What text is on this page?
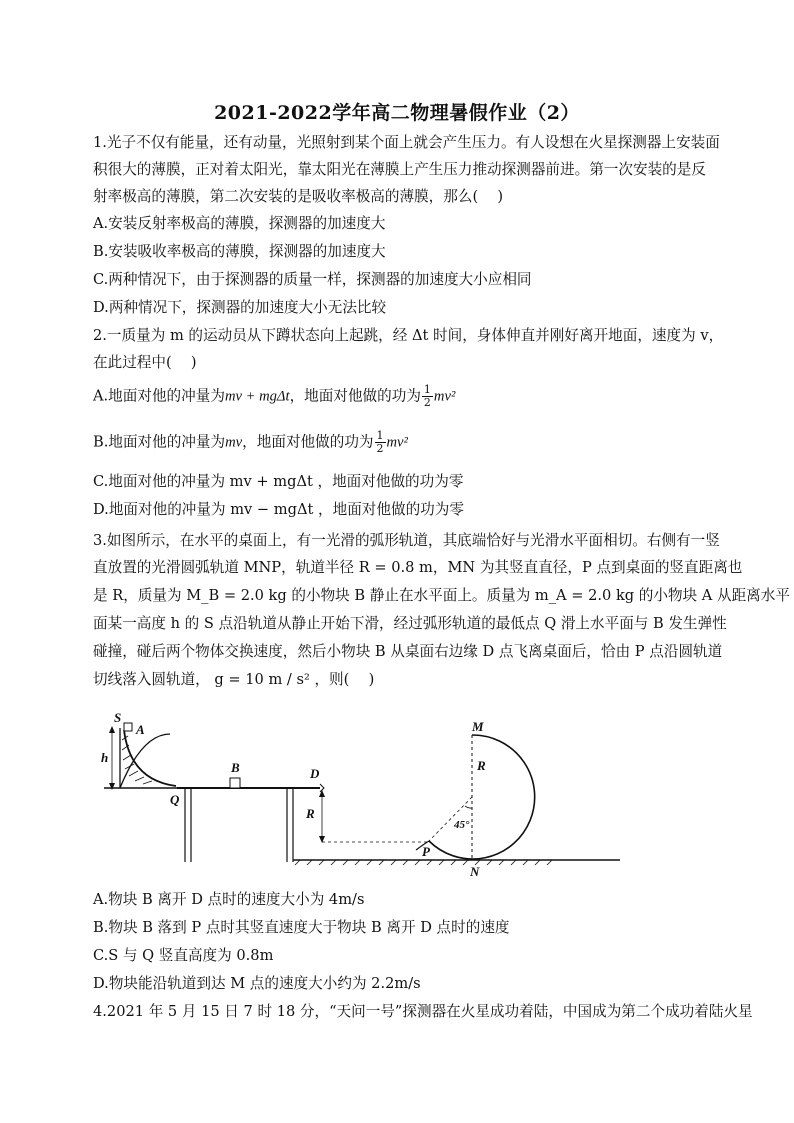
2021-2022学年高二物理暑假作业（2）
1.光子不仅有能量，还有动量，光照射到某个面上就会产生压力。有人设想在火星探测器上安装面
积很大的薄膜，正对着太阳光，靠太阳光在薄膜上产生压力推动探测器前进。第一次安装的是反
射率极高的薄膜，第二次安装的是吸收率极高的薄膜，那么(　 )
A.安装反射率极高的薄膜，探测器的加速度大
B.安装吸收率极高的薄膜，探测器的加速度大
C.两种情况下，由于探测器的质量一样，探测器的加速度大小应相同
D.两种情况下，探测器的加速度大小无法比较
2.一质量为 m 的运动员从下蹲状态向上起跳，经 Δt 时间，身体伸直并刚好离开地面，速度为 v，
在此过程中(　 )
A.地面对他的冲量为mv + mgΔt，地面对他做的功为 $\frac{1}{2} mv^2$
B.地面对他的冲量为mv，地面对他做的功为 $\frac{1}{2} mv^2$
C.地面对他的冲量为 mv + mgΔt ，地面对他做的功为零
D.地面对他的冲量为 mv − mgΔt ，地面对他做的功为零
3.如图所示，在水平的桌面上，有一光滑的弧形轨道，其底端恰好与光滑水平面相切。右侧有一竖
直放置的光滑圆弧轨道 MNP，轨道半径 R = 0.8 m，MN 为其竖直直径，P 点到桌面的竖直距离也
是 R，质量为 M_B = 2.0 kg 的小物块 B 静止在水平面上。质量为 m_A = 2.0 kg 的小物块 A 从距离水平
面某一高度 h 的 S 点沿轨道从静止开始下滑，经过弧形轨道的最低点 Q 滑上水平面与 B 发生弹性
碰撞，碰后两个物体交换速度，然后小物块 B 从桌面右边缘 D 点飞离桌面后，恰由 P 点沿圆轨道
切线落入圆轨道， g = 10 m / s² ，则(　 )
S
A
h
Q
B	D
R
M
R
45°
P
N
A.物块 B 离开 D 点时的速度大小为 4m/s
B.物块 B 落到 P 点时其竖直速度大于物块 B 离开 D 点时的速度
C.S 与 Q 竖直高度为 0.8m
D.物块能沿轨道到达 M 点的速度大小约为 2.2m/s
4.2021 年 5 月 15 日 7 时 18 分，“天问一号”探测器在火星成功着陆，中国成为第二个成功着陆火星
